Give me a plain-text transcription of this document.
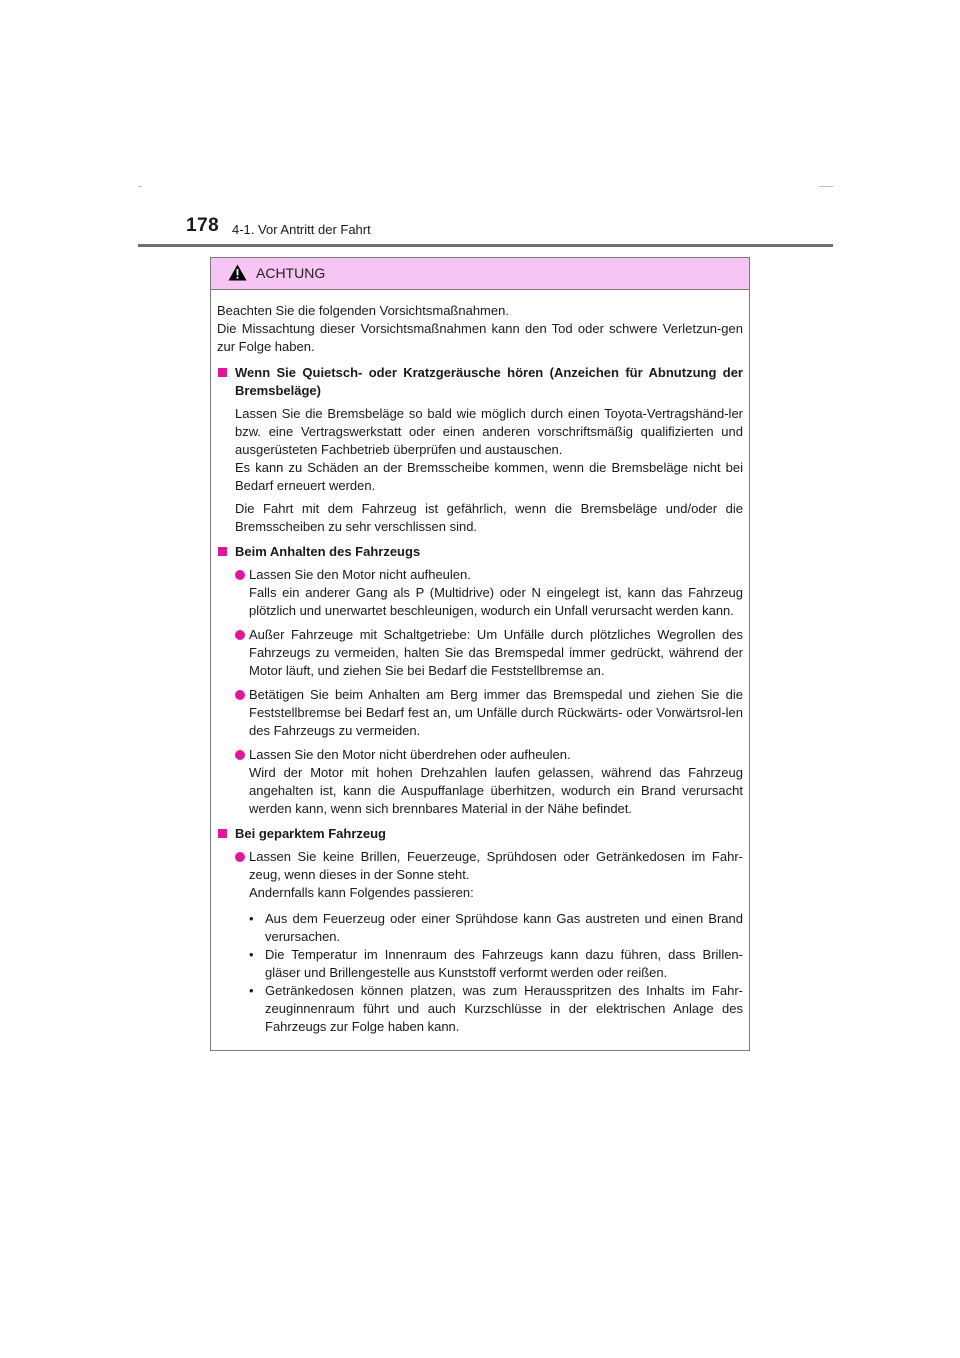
178 4-1. Vor Antritt der Fahrt
ACHTUNG

Beachten Sie die folgenden Vorsichtsmaßnahmen.

Die Missachtung dieser Vorsichtsmaßnahmen kann den Tod oder schwere Verletzun-gen zur Folge haben.

Wenn Sie Quietsch- oder Kratzgeräusche hören (Anzeichen für Abnutzung der Bremsbeläge)

Lassen Sie die Bremsbeläge so bald wie möglich durch einen Toyota-Vertragshänd-ler bzw. eine Vertragswerkstatt oder einen anderen vorschriftsmäßig qualifizierten und ausgerüsteten Fachbetrieb überprüfen und austauschen.

Es kann zu Schäden an der Bremsscheibe kommen, wenn die Bremsbeläge nicht bei Bedarf erneuert werden.

Die Fahrt mit dem Fahrzeug ist gefährlich, wenn die Bremsbeläge und/oder die Bremsscheiben zu sehr verschlissen sind.

Beim Anhalten des Fahrzeugs

Lassen Sie den Motor nicht aufheulen.

Falls ein anderer Gang als P (Multidrive) oder N eingelegt ist, kann das Fahrzeug plötzlich und unerwartet beschleunigen, wodurch ein Unfall verursacht werden kann.

Außer Fahrzeuge mit Schaltgetriebe: Um Unfälle durch plötzliches Wegrollen des Fahrzeugs zu vermeiden, halten Sie das Bremspedal immer gedrückt, während der Motor läuft, und ziehen Sie bei Bedarf die Feststellbremse an.

Betätigen Sie beim Anhalten am Berg immer das Bremspedal und ziehen Sie die Feststellbremse bei Bedarf fest an, um Unfälle durch Rückwärts- oder Vorwärtsrol-len des Fahrzeugs zu vermeiden.

Lassen Sie den Motor nicht überdrehen oder aufheulen.

Wird der Motor mit hohen Drehzahlen laufen gelassen, während das Fahrzeug angehalten ist, kann die Auspuffanlage überhitzen, wodurch ein Brand verursacht werden kann, wenn sich brennbares Material in der Nähe befindet.

Bei geparktem Fahrzeug

Lassen Sie keine Brillen, Feuerzeuge, Sprühdosen oder Getränkedosen im Fahr-zeug, wenn dieses in der Sonne steht.

Andernfalls kann Folgendes passieren:

• Aus dem Feuerzeug oder einer Sprühdose kann Gas austreten und einen Brand verursachen.
• Die Temperatur im Innenraum des Fahrzeugs kann dazu führen, dass Brillen-gläser und Brillengestelle aus Kunststoff verformt werden oder reißen.
• Getränkedosen können platzen, was zum Herausspritzen des Inhalts im Fahr-zeuginnenraum führt und auch Kurzschlüsse in der elektrischen Anlage des Fahrzeugs zur Folge haben kann.
